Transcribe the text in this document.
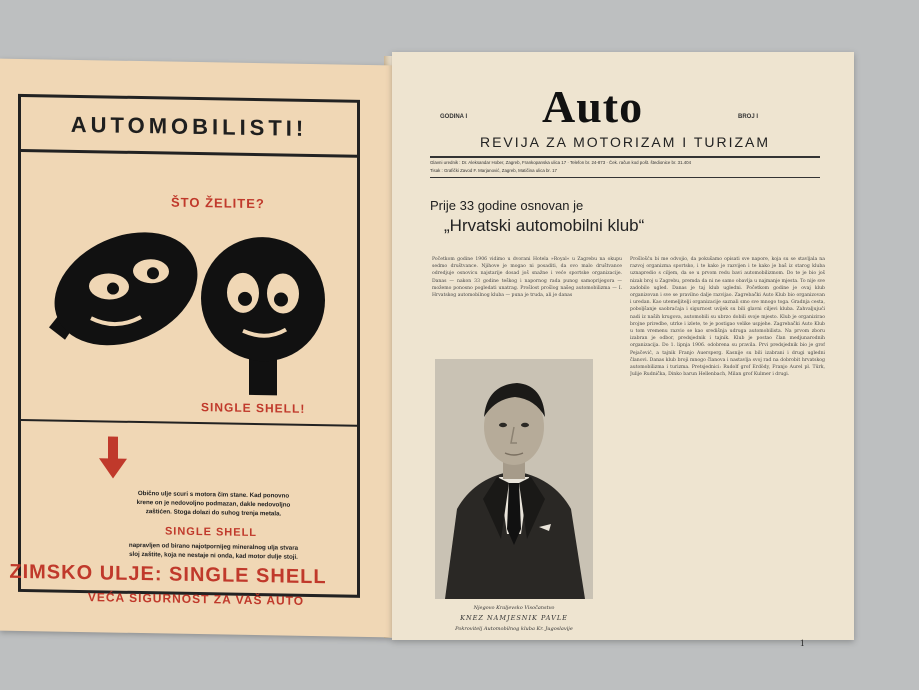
AUTOMOBILISTI!
ŠTO ŽELITE?
SINGLE SHELL!
Obično ulje scuri s motora čim stane. Kad ponovno krene on je nedovoljno podmazan, dakle nedovoljno zaštićen. Stoga dolazi do suhog trenja metala.
SINGLE SHELL
napravljen od birano najotpornijeg mineralnog ulja stvara sloj zaštite, koja ne nestaje ni onda, kad motor dulje stoji.
ZIMSKO ULJE: SINGLE SHELL
VEĆA SIGURNOST ZA VAŠ AUTO
GODINA I Auto	BROJ I
REVIJA ZA MOTORIZAM I TURIZAM
Glavni urednik : Dr. Aleksandar Hober, Zagreb, Frankopanska ulica 17 · Telefon br. 24-873 · Ček. račun kod pošt. štedionice br. 31.404
Tisak : Grafički Zavod F. Marjanović, Zagreb, Matičina ulica br. 17
Prije 33 godine osnovan je
„Hrvatski automobilni klub“
Početkom godine 1906 vidimo u dvorani Hotela »Royal« u Zagrebu na okupu sedmo društvance. Njihove je mogao ni posaditi, da ovo malo društvance odredjuje osnovicu najstarije dosad još snažne i veće sportske organizacije. Danas — nakon 33 godine teškog i napornog rada punog samoprijegora — možemo ponosno pogledati unatrag. Prošlost prošlog našeg automobilizma — I. Hrvatskog automobilnog kluba — puna je truda, ali je danas
Prošlošću bi me odvojio, da pokušamo opisati sve napore, koja su se stavljala na razvoj organizma sportsko, i te kako je razvijen i te kako je baš iz starog kluba uznapredio s ciljem, da se u prvom redu bavi automobilizmom. Do te je bio još nizak broj u Zagrebu, premda da ni ne samo obavlja u najmanje mjesta. To nije sve zadobilo ugled. Danas je taj klub ugledni. Početkom godine je ovaj klub organizovan i sve se pravilno dalje razvijao. Zagrebački Auto Klub bio organizovan i uredan. Kao utemeljitelji organizacije saznali smo sve mnogo toga. Gradnja cesta, poboljšanje saobraćaja i sigurnost uvijek su bili glavni ciljevi kluba. Zahvaljujući nadi iz naših krugova, automobili su ubrzo dobili svoje mjesto. Klub je organizirao brojne priredbe, utrke i izlete, te je postigao velike uspjehe. Zagrebački Auto Klub u tom vremenu razvio se kao središnja udruga automobilista. Na prvom zboru izabran je odbor, predsjednik i tajnik. Klub je postao član medjunarodnih organizacija. Do 1. lipnja 1906. odobrena su pravila. Prvi predsjednik bio je grof Pejačević, a tajnik Franjo Auersperg. Kasnije su bili izabrani i drugi ugledni članovi. Danas klub broji mnogo članova i nastavlja svoj rad na dobrobit hrvatskog automobilizma i turizma. Pretsjednici: Rudolf grof Erdödy, Franjo Aurel pl. Türk, Julije Rudnička, Dinko barun Hellenbach, Milan grof Kulmer i drugi.
Njegovo Kraljevsko Visočanstvo
KNEZ NAMJESNIK PAVLE
Pokrovitelj Automobilnog kluba Kr. Jugoslavije
1
